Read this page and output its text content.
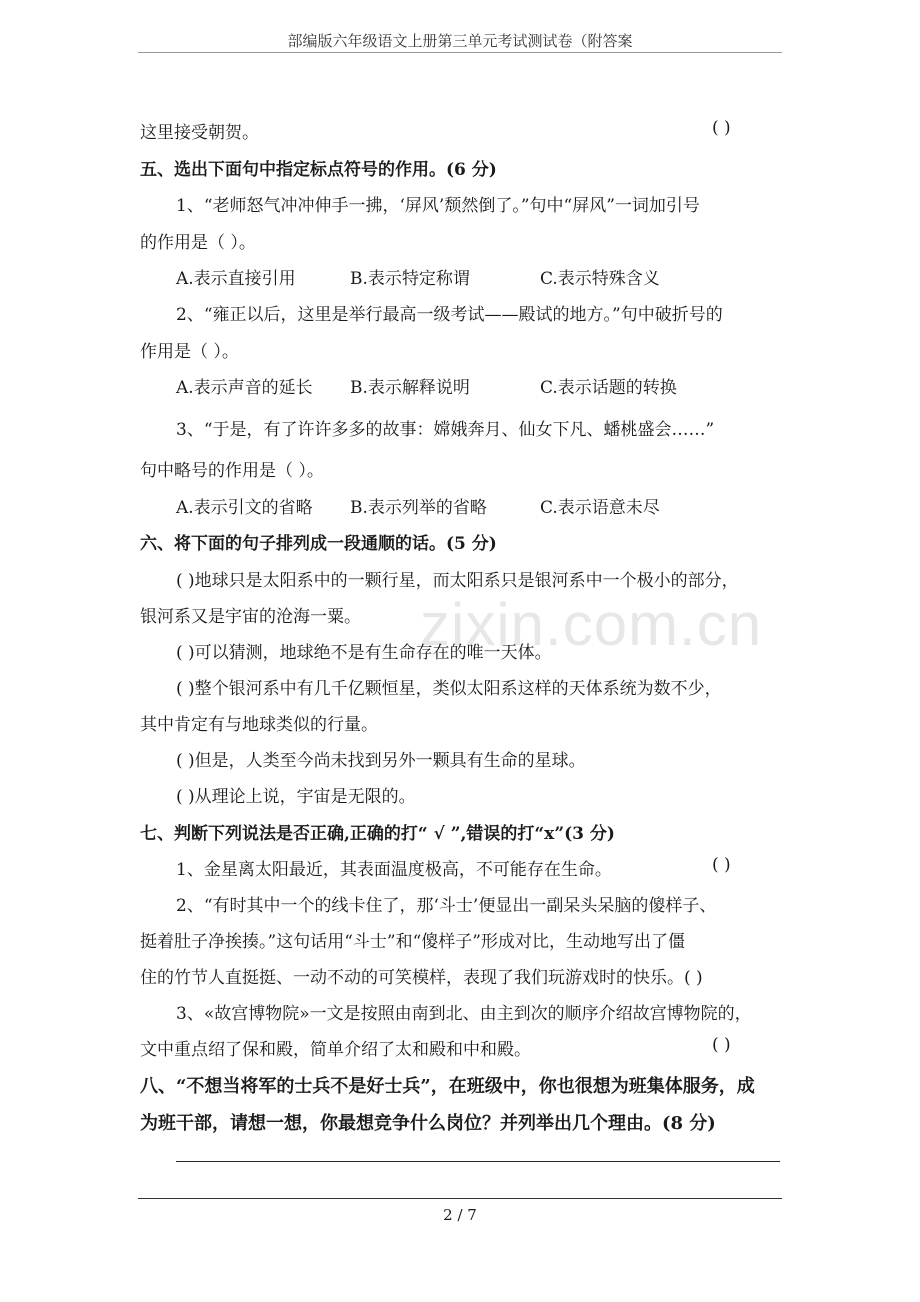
部编版六年级语文上册第三单元考试测试卷（附答案
zixin.com.cn
这里接受朝贺。	( )
五、选出下面句中指定标点符号的作用。(6 分)
1、“老师怒气冲冲伸手一拂，‘屏风’颓然倒了。”句中“屏风”一词加引号
的作用是（ ）。
A.表示直接引用	B.表示特定称谓	C.表示特殊含义
2、“雍正以后，这里是举行最高一级考试——殿试的地方。”句中破折号的
作用是（ ）。
A.表示声音的延长 B.表示解释说明	C.表示话题的转换
3、“于是，有了许许多多的故事：嫦娥奔月、仙女下凡、蟠桃盛会……”
句中略号的作用是（ ）。
A.表示引文的省略 B.表示列举的省略	C.表示语意未尽
六、将下面的句子排列成一段通顺的话。(5 分)
( )地球只是太阳系中的一颗行星，而太阳系只是银河系中一个极小的部分，
银河系又是宇宙的沧海一粟。
( )可以猜测，地球绝不是有生命存在的唯一天体。
( )整个银河系中有几千亿颗恒星，类似太阳系这样的天体系统为数不少，
其中肯定有与地球类似的行量。
( )但是，人类至今尚未找到另外一颗具有生命的星球。
( )从理论上说，宇宙是无限的。
七、判断下列说法是否正确,正确的打“ √ ”,错误的打“x”(3 分)
1、金星离太阳最近，其表面温度极高，不可能存在生命。	( )
2、“有时其中一个的线卡住了，那‘斗士’便显出一副呆头呆脑的傻样子、
挺着肚子净挨揍。”这句话用“斗士”和“傻样子”形成对比，生动地写出了僵
住的竹节人直挺挺、一动不动的可笑模样，表现了我们玩游戏时的快乐。( )
3、«故宫博物院»一文是按照由南到北、由主到次的顺序介绍故宫博物院的，
文中重点绍了保和殿，简单介绍了太和殿和中和殿。	( )
八、“不想当将军的士兵不是好士兵”，在班级中，你也很想为班集体服务，成
为班干部，请想一想，你最想竞争什么岗位？并列举出几个理由。(8 分)
2 / 7
